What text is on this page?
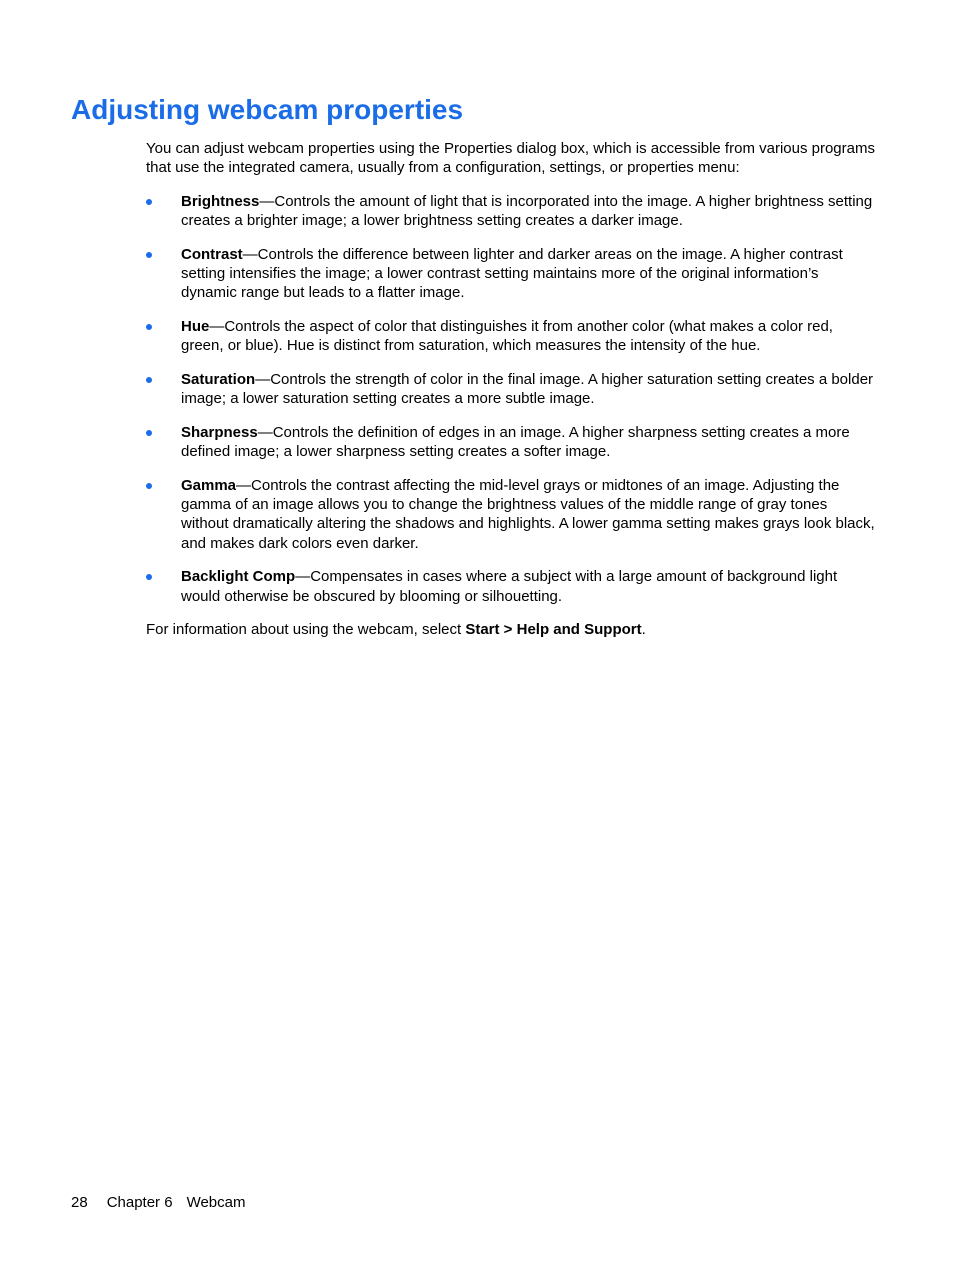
Adjusting webcam properties

You can adjust webcam properties using the Properties dialog box, which is accessible from various programs that use the integrated camera, usually from a configuration, settings, or properties menu:

Brightness—Controls the amount of light that is incorporated into the image. A higher brightness setting creates a brighter image; a lower brightness setting creates a darker image.
Contrast—Controls the difference between lighter and darker areas on the image. A higher contrast setting intensifies the image; a lower contrast setting maintains more of the original information’s dynamic range but leads to a flatter image.
Hue—Controls the aspect of color that distinguishes it from another color (what makes a color red, green, or blue). Hue is distinct from saturation, which measures the intensity of the hue.
Saturation—Controls the strength of color in the final image. A higher saturation setting creates a bolder image; a lower saturation setting creates a more subtle image.
Sharpness—Controls the definition of edges in an image. A higher sharpness setting creates a more defined image; a lower sharpness setting creates a softer image.
Gamma—Controls the contrast affecting the mid-level grays or midtones of an image. Adjusting the gamma of an image allows you to change the brightness values of the middle range of gray tones without dramatically altering the shadows and highlights. A lower gamma setting makes grays look black, and makes dark colors even darker.
Backlight Comp—Compensates in cases where a subject with a large amount of background light would otherwise be obscured by blooming or silhouetting.

For information about using the webcam, select Start > Help and Support.

28 Chapter 6 Webcam
